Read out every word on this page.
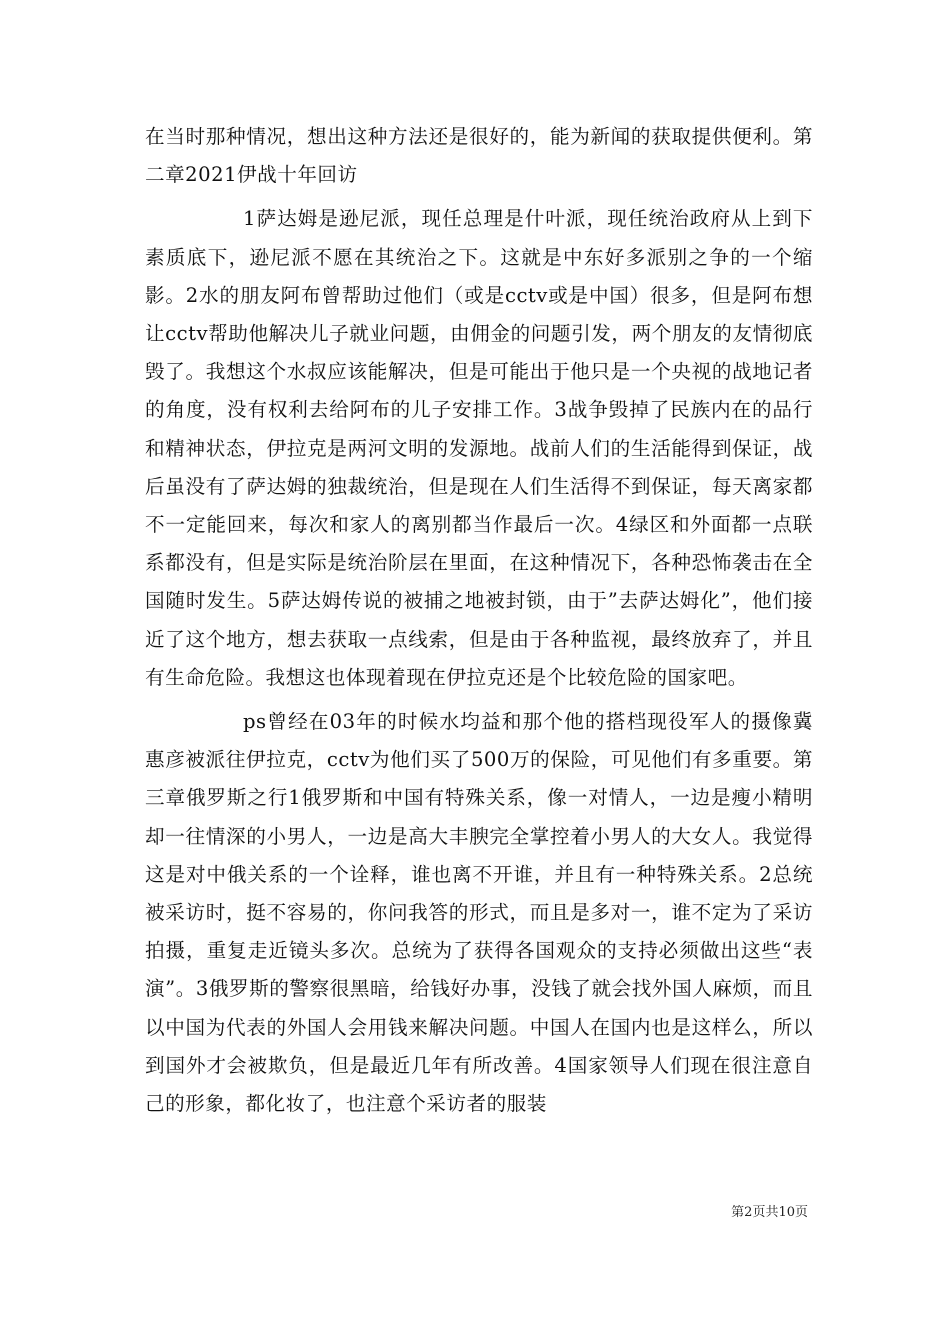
在当时那种情况，想出这种方法还是很好的，能为新闻的获取提供便利。第二章2021伊战十年回访

1萨达姆是逊尼派，现任总理是什叶派，现任统治政府从上到下素质底下，逊尼派不愿在其统治之下。这就是中东好多派别之争的一个缩影。2水的朋友阿布曾帮助过他们（或是cctv或是中国）很多，但是阿布想让cctv帮助他解决儿子就业问题，由佣金的问题引发，两个朋友的友情彻底毁了。我想这个水叔应该能解决，但是可能出于他只是一个央视的战地记者的角度，没有权利去给阿布的儿子安排工作。3战争毁掉了民族内在的品行和精神状态，伊拉克是两河文明的发源地。战前人们的生活能得到保证，战后虽没有了萨达姆的独裁统治，但是现在人们生活得不到保证，每天离家都不一定能回来，每次和家人的离别都当作最后一次。4绿区和外面都一点联系都没有，但是实际是统治阶层在里面，在这种情况下，各种恐怖袭击在全国随时发生。5萨达姆传说的被捕之地被封锁，由于”去萨达姆化”，他们接近了这个地方，想去获取一点线索，但是由于各种监视，最终放弃了，并且有生命危险。我想这也体现着现在伊拉克还是个比较危险的国家吧。

ps曾经在03年的时候水均益和那个他的搭档现役军人的摄像冀惠彦被派往伊拉克，cctv为他们买了500万的保险，可见他们有多重要。第三章俄罗斯之行1俄罗斯和中国有特殊关系，像一对情人，一边是瘦小精明却一往情深的小男人，一边是高大丰腴完全掌控着小男人的大女人。我觉得这是对中俄关系的一个诠释，谁也离不开谁，并且有一种特殊关系。2总统被采访时，挺不容易的，你问我答的形式，而且是多对一，谁不定为了采访拍摄，重复走近镜头多次。总统为了获得各国观众的支持必须做出这些“表演”。3俄罗斯的警察很黑暗，给钱好办事，没钱了就会找外国人麻烦，而且以中国为代表的外国人会用钱来解决问题。中国人在国内也是这样么，所以到国外才会被欺负，但是最近几年有所改善。4国家领导人们现在很注意自己的形象，都化妆了，也注意个采访者的服装

第2页共10页
